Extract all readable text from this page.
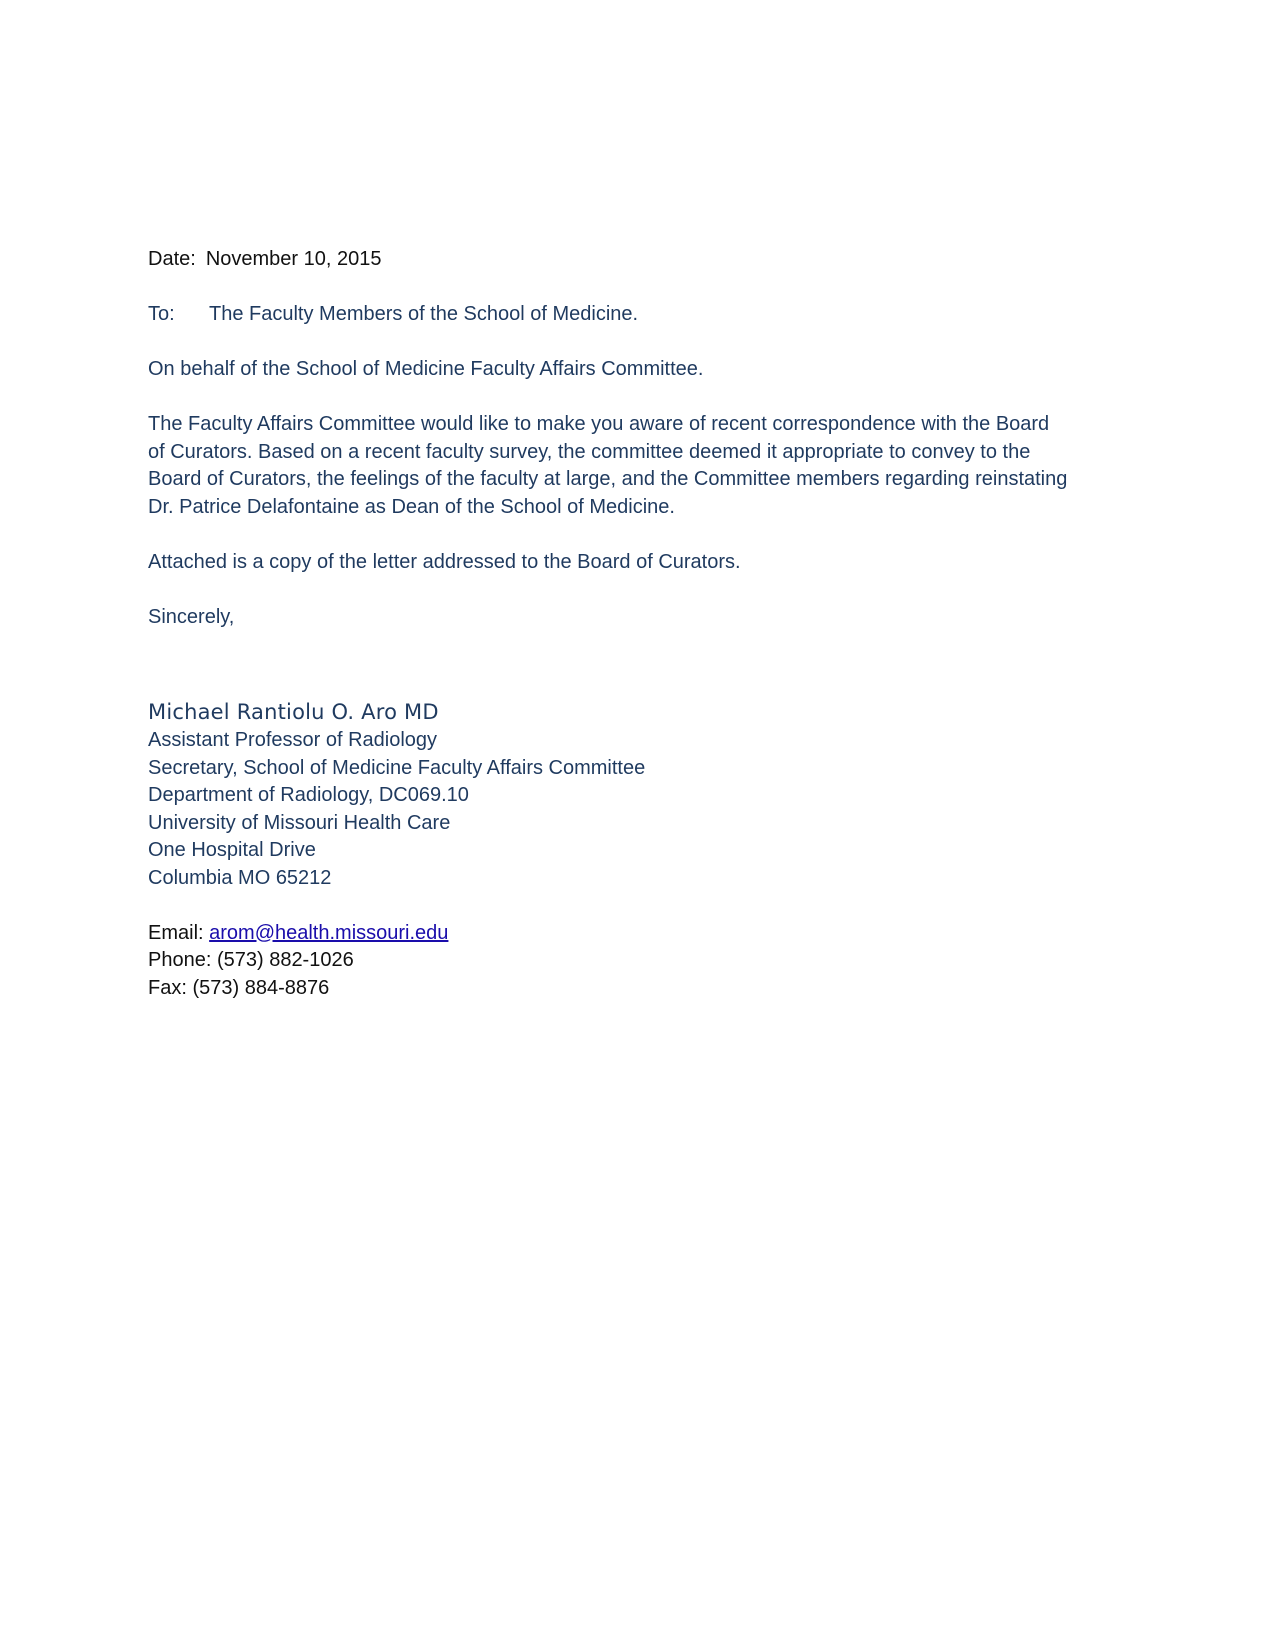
Date: November 10, 2015
To: The Faculty Members of the School of Medicine.
On behalf of the School of Medicine Faculty Affairs Committee.
The Faculty Affairs Committee would like to make you aware of recent correspondence with the Board
of Curators. Based on a recent faculty survey, the committee deemed it appropriate to convey to the
Board of Curators, the feelings of the faculty at large, and the Committee members regarding reinstating
Dr. Patrice Delafontaine as Dean of the School of Medicine.
Attached is a copy of the letter addressed to the Board of Curators.
Sincerely,
Michael Rantiolu O. Aro MD
Assistant Professor of Radiology
Secretary, School of Medicine Faculty Affairs Committee
Department of Radiology, DC069.10
University of Missouri Health Care
One Hospital Drive
Columbia MO 65212
Email: arom@health.missouri.edu
Phone: (573) 882-1026
Fax: (573) 884-8876
